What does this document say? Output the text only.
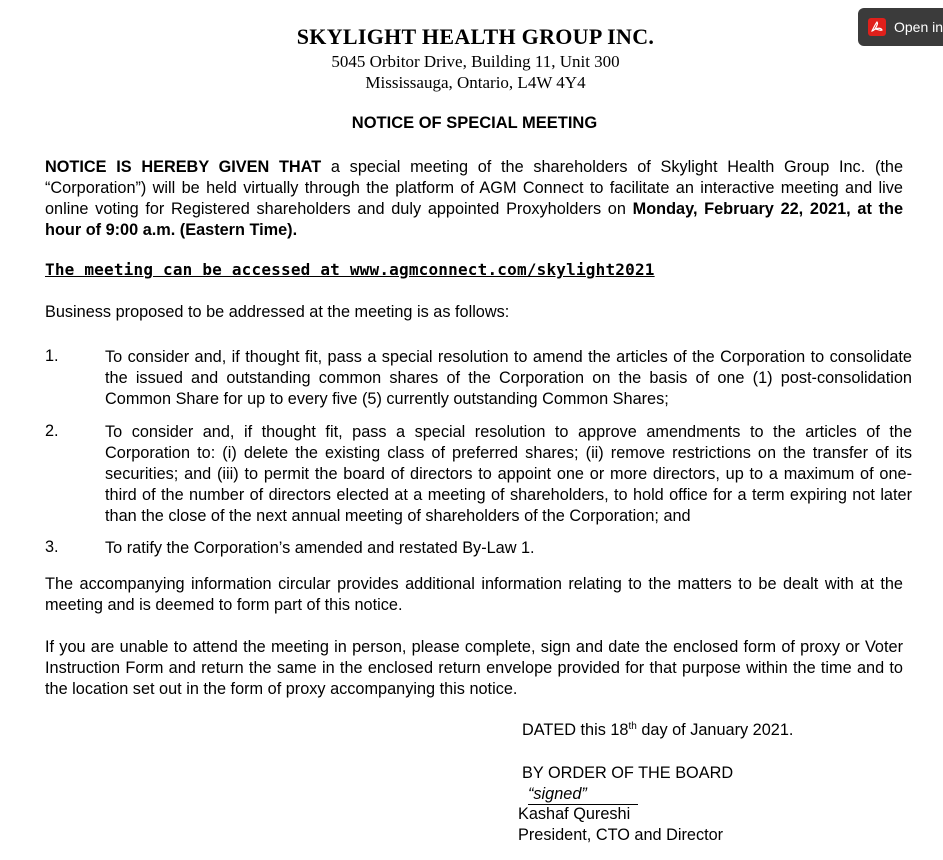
Open in
SKYLIGHT HEALTH GROUP INC.
5045 Orbitor Drive, Building 11, Unit 300
Mississauga, Ontario, L4W 4Y4
NOTICE OF SPECIAL MEETING
NOTICE IS HEREBY GIVEN THAT a special meeting of the shareholders of Skylight Health Group Inc. (the “Corporation”) will be held virtually through the platform of AGM Connect to facilitate an interactive meeting and live online voting for Registered shareholders and duly appointed Proxyholders on Monday, February 22, 2021, at the hour of 9:00 a.m. (Eastern Time).
The meeting can be accessed at www.agmconnect.com/skylight2021
Business proposed to be addressed at the meeting is as follows:
1.	To consider and, if thought fit, pass a special resolution to amend the articles of the Corporation to consolidate the issued and outstanding common shares of the Corporation on the basis of one (1) post-consolidation Common Share for up to every five (5) currently outstanding Common Shares;
2.	To consider and, if thought fit, pass a special resolution to approve amendments to the articles of the Corporation to: (i) delete the existing class of preferred shares; (ii) remove restrictions on the transfer of its securities; and (iii) to permit the board of directors to appoint one or more directors, up to a maximum of one-third of the number of directors elected at a meeting of shareholders, to hold office for a term expiring not later than the close of the next annual meeting of shareholders of the Corporation; and
3.	To ratify the Corporation’s amended and restated By-Law 1.
The accompanying information circular provides additional information relating to the matters to be dealt with at the meeting and is deemed to form part of this notice.
If you are unable to attend the meeting in person, please complete, sign and date the enclosed form of proxy or Voter Instruction Form and return the same in the enclosed return envelope provided for that purpose within the time and to the location set out in the form of proxy accompanying this notice.
DATED this 18th day of January 2021.
BY ORDER OF THE BOARD
“signed”
Kashaf Qureshi
President, CTO and Director
